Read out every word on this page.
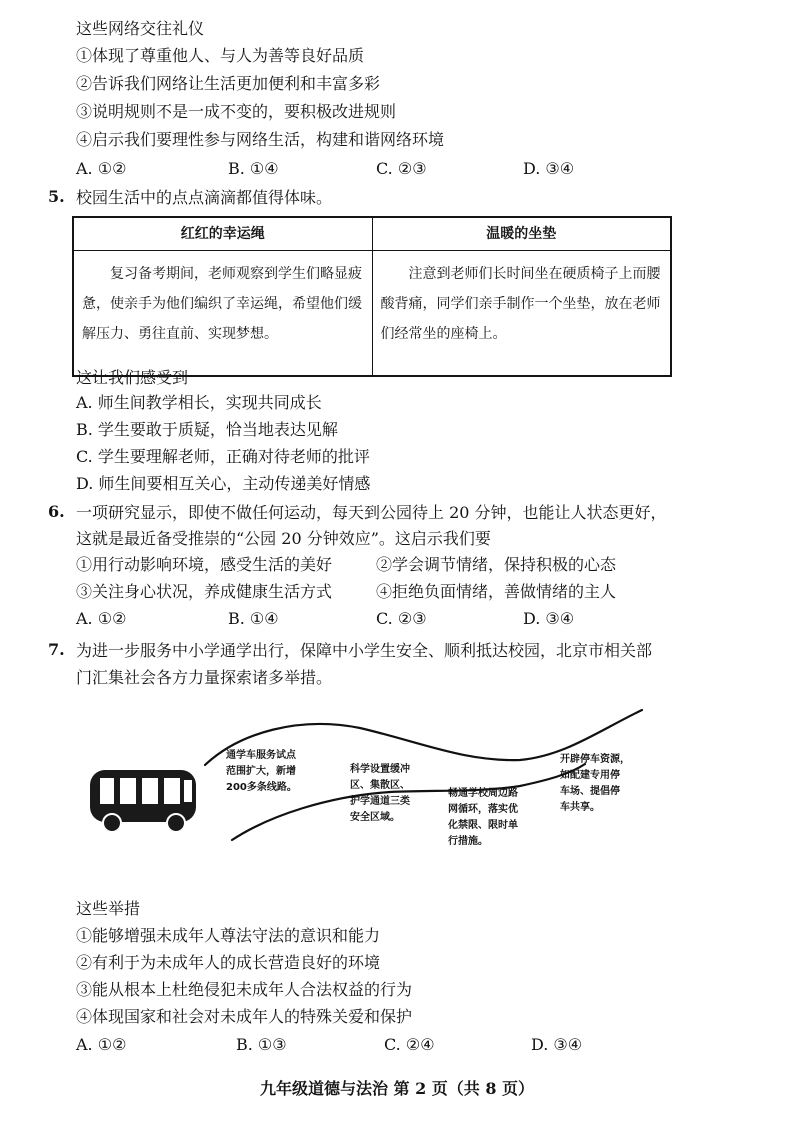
这些网络交往礼仪
①体现了尊重他人、与人为善等良好品质
②告诉我们网络让生活更加便利和丰富多彩
③说明规则不是一成不变的，要积极改进规则
④启示我们要理性参与网络生活，构建和谐网络环境
A. ①②	B. ①④	C. ②③	D. ③④
5. 校园生活中的点点滴滴都值得体味。
红红的幸运绳	温暖的坐垫
复习备考期间，老师观察到学生们略显疲惫，使亲手为他们编织了幸运绳，希望他们缓解压力、勇往直前、实现梦想。	注意到老师们长时间坐在硬质椅子上而腰酸背痛，同学们亲手制作一个坐垫，放在老师们经常坐的座椅上。
这让我们感受到
A. 师生间教学相长，实现共同成长
B. 学生要敢于质疑，恰当地表达见解
C. 学生要理解老师，正确对待老师的批评
D. 师生间要相互关心，主动传递美好情感
6. 一项研究显示，即使不做任何运动，每天到公园待上 20 分钟，也能让人状态更好，
这就是最近备受推崇的“公园 20 分钟效应”。这启示我们要
①用行动影响环境，感受生活的美好	②学会调节情绪，保持积极的心态
③关注身心状况，养成健康生活方式	④拒绝负面情绪，善做情绪的主人
A. ①②	B. ①④	C. ②③	D. ③④
7. 为进一步服务中小学通学出行，保障中小学生安全、顺利抵达校园，北京市相关部
门汇集社会各方力量探索诸多举措。
通学车服务试点
范围扩大，新增
200多条线路。
科学设置缓冲
区、集散区、
护学通道三类
安全区域。
畅通学校周边路
网循环，落实优
化禁限、限时单
行措施。
开辟停车资源，
如配建专用停
车场、提倡停
车共享。
这些举措
①能够增强未成年人尊法守法的意识和能力
②有利于为未成年人的成长营造良好的环境
③能从根本上杜绝侵犯未成年人合法权益的行为
④体现国家和社会对未成年人的特殊关爱和保护
A. ①②	B. ①③	C. ②④	D. ③④
九年级道德与法治 第 2 页（共 8 页）
